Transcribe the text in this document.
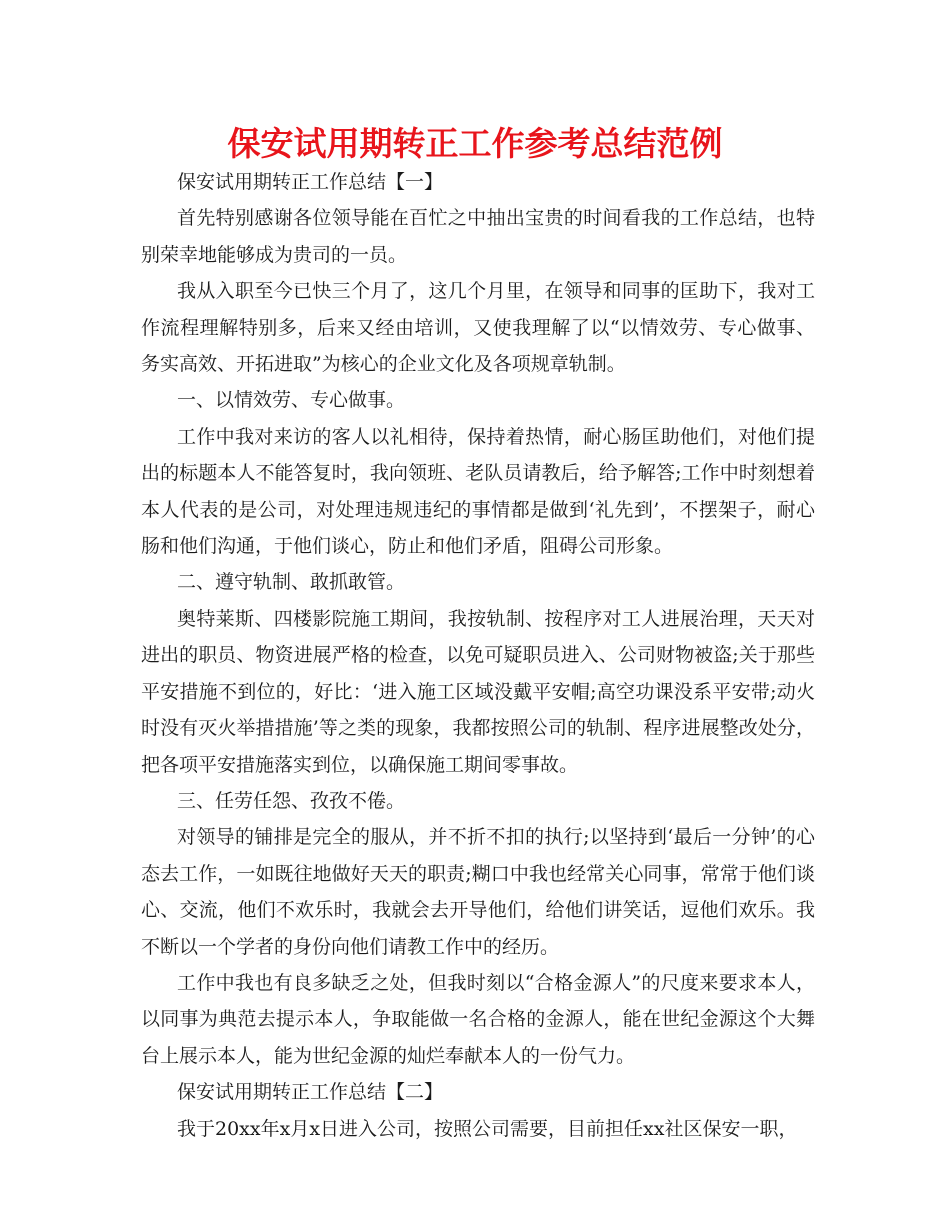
保安试用期转正工作参考总结范例

保安试用期转正工作总结【一】

首先特别感谢各位领导能在百忙之中抽出宝贵的时间看我的工作总结，也特别荣幸地能够成为贵司的一员。

我从入职至今已快三个月了，这几个月里，在领导和同事的匡助下，我对工作流程理解特别多，后来又经由培训，又使我理解了以“以情效劳、专心做事、务实高效、开拓进取”为核心的企业文化及各项规章轨制。

一、以情效劳、专心做事。

工作中我对来访的客人以礼相待，保持着热情，耐心肠匡助他们，对他们提出的标题本人不能答复时，我向领班、老队员请教后，给予解答;工作中时刻想着本人代表的是公司，对处理违规违纪的事情都是做到‘礼先到’，不摆架子，耐心肠和他们沟通，于他们谈心，防止和他们矛盾，阻碍公司形象。

二、遵守轨制、敢抓敢管。

奥特莱斯、四楼影院施工期间，我按轨制、按程序对工人进展治理，天天对进出的职员、物资进展严格的检查，以免可疑职员进入、公司财物被盗;关于那些平安措施不到位的，好比：‘进入施工区域没戴平安帽;高空功课没系平安带;动火时没有灭火举措措施’等之类的现象，我都按照公司的轨制、程序进展整改处分，把各项平安措施落实到位，以确保施工期间零事故。

三、任劳任怨、孜孜不倦。

对领导的铺排是完全的服从，并不折不扣的执行;以坚持到‘最后一分钟’的心态去工作，一如既往地做好天天的职责;糊口中我也经常关心同事，常常于他们谈心、交流，他们不欢乐时，我就会去开导他们，给他们讲笑话，逗他们欢乐。我不断以一个学者的身份向他们请教工作中的经历。

工作中我也有良多缺乏之处，但我时刻以“合格金源人”的尺度来要求本人，以同事为典范去提示本人，争取能做一名合格的金源人，能在世纪金源这个大舞台上展示本人，能为世纪金源的灿烂奉献本人的一份气力。

保安试用期转正工作总结【二】

我于20xx年x月x日进入公司，按照公司需要，目前担任xx社区保安一职，
